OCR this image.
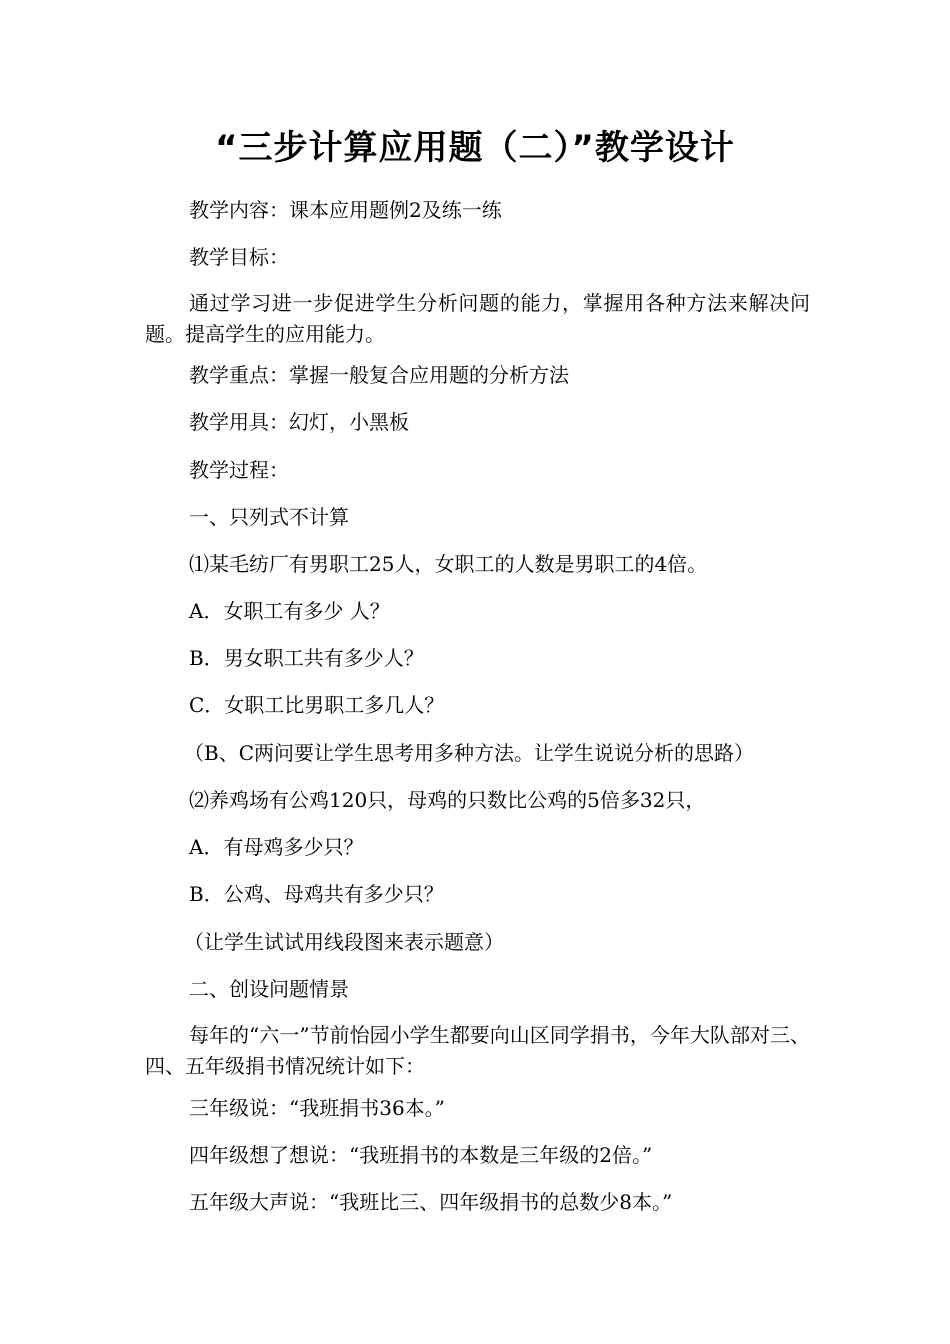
“三步计算应用题（二）”教学设计
教学内容：课本应用题例2及练一练
教学目标：
通过学习进一步促进学生分析问题的能力，掌握用各种方法来解决问题。提高学生的应用能力。
教学重点：掌握一般复合应用题的分析方法
教学用具：幻灯，小黑板
教学过程：
一、只列式不计算
⑴某毛纺厂有男职工25人，女职工的人数是男职工的4倍。
A．女职工有多少 人？
B．男女职工共有多少人？
C．女职工比男职工多几人？
（B、C两问要让学生思考用多种方法。让学生说说分析的思路）
⑵养鸡场有公鸡120只，母鸡的只数比公鸡的5倍多32只，
A．有母鸡多少只？
B．公鸡、母鸡共有多少只？
（让学生试试用线段图来表示题意）
二、创设问题情景
每年的“六一”节前怡园小学生都要向山区同学捐书，今年大队部对三、四、五年级捐书情况统计如下：
三年级说：“我班捐书36本。”
四年级想了想说：“我班捐书的本数是三年级的2倍。”
五年级大声说：“我班比三、四年级捐书的总数少8本。”
